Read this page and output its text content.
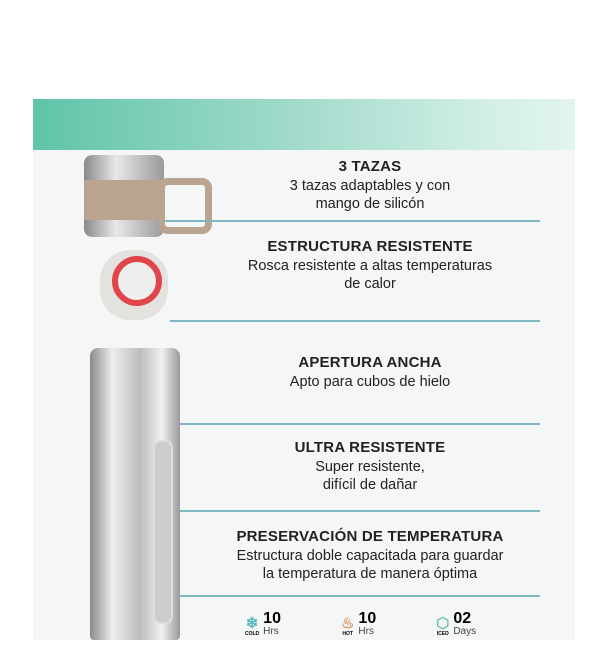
3 TAZAS

3 tazas adaptables y con
mango de silicón

ESTRUCTURA RESISTENTE

Rosca resistente a altas temperaturas
de calor

APERTURA ANCHA

Apto para cubos de hielo

ULTRA RESISTENTE

Super resistente,
difícil de dañar

PRESERVACIÓN DE TEMPERATURA

Estructura doble capacitada para guardar
la temperatura de manera óptima

❄
COLD
10
Hrs	♨
HOT
10
Hrs	⬡
ICED
02
Days
